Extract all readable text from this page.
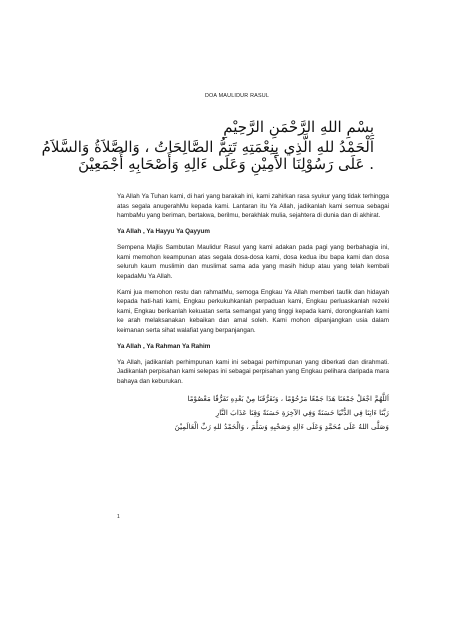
DOA MAULIDUR RASUL
بِسْمِ اللهِ الرَّحْمَنِ الرَّحِيْمِ
اَلْحَمْدُ للهِ الَّذِي بِنِعْمَتِهِ تَتِمُّ الصَّالِحَاتُ ، وَالصَّلاَةُ وَالسَّلاَمُ
. عَلَى رَسُوْلِنَا الأَمِيْنِ وَعَلَى ءَالِهِ وَأَصْحَابِهِ أَجْمَعِيْنَ

Ya Allah Ya Tuhan kami, di hari yang barakah ini, kami zahirkan rasa syukur yang tidak terhingga atas segala anugerahMu kepada kami. Lantaran itu Ya Allah, jadikanlah kami semua sebagai hambaMu yang beriman, bertakwa, berilmu, berakhlak mulia, sejahtera di dunia dan di akhirat.

Ya Allah , Ya Hayyu Ya Qayyum

Sempena Majlis Sambutan Maulidur Rasul yang kami adakan pada pagi yang berbahagia ini, kami memohon keampunan atas segala dosa-dosa kami, dosa kedua ibu bapa kami dan dosa seluruh kaum muslimin dan muslimat sama ada yang masih hidup atau yang telah kembali kepadaMu Ya Allah.

Kami jua memohon restu dan rahmatMu, semoga Engkau Ya Allah memberi taufik dan hidayah kepada hati-hati kami, Engkau perkukuhkanlah perpaduan kami, Engkau perluaskanlah rezeki kami, Engkau berikanlah kekuatan serta semangat yang tinggi kepada kami, dorongkanlah kami ke arah melaksanakan kebaikan dan amal soleh. Kami mohon dipanjangkan usia dalam keimanan serta sihat walafiat yang berpanjangan.

Ya Allah , Ya Rahman Ya Rahim

Ya Allah, jadikanlah perhimpunan kami ini sebagai perhimpunan yang diberkati dan dirahmati. Jadikanlah perpisahan kami selepas ini sebagai perpisahan yang Engkau pelihara daripada mara bahaya dan keburukan.

اَللَّهُمَّ اجْعَلْ جَمْعَنَا هَذَا جَمْعًا مَرْحُوْمًا ، وَتَفَرُّقَنَا مِنْ بَعْدِهِ تَفَرُّقًا مَعْصُوْمًا
رَبَّنَا ءَاتِنَا فِي الدُّنْيَا حَسَنَةً وَفِي الآخِرَةِ حَسَنَةً وَقِنَا عَذَابَ النَّارِ
وَصَلَّى اللهُ عَلَى مُحَمَّدٍ وَعَلَى ءَالِهِ وَصَحْبِهِ وَسَلَّمَ ، وَالْحَمْدُ للهِ رَبِّ الْعَالَمِيْنَ
1
